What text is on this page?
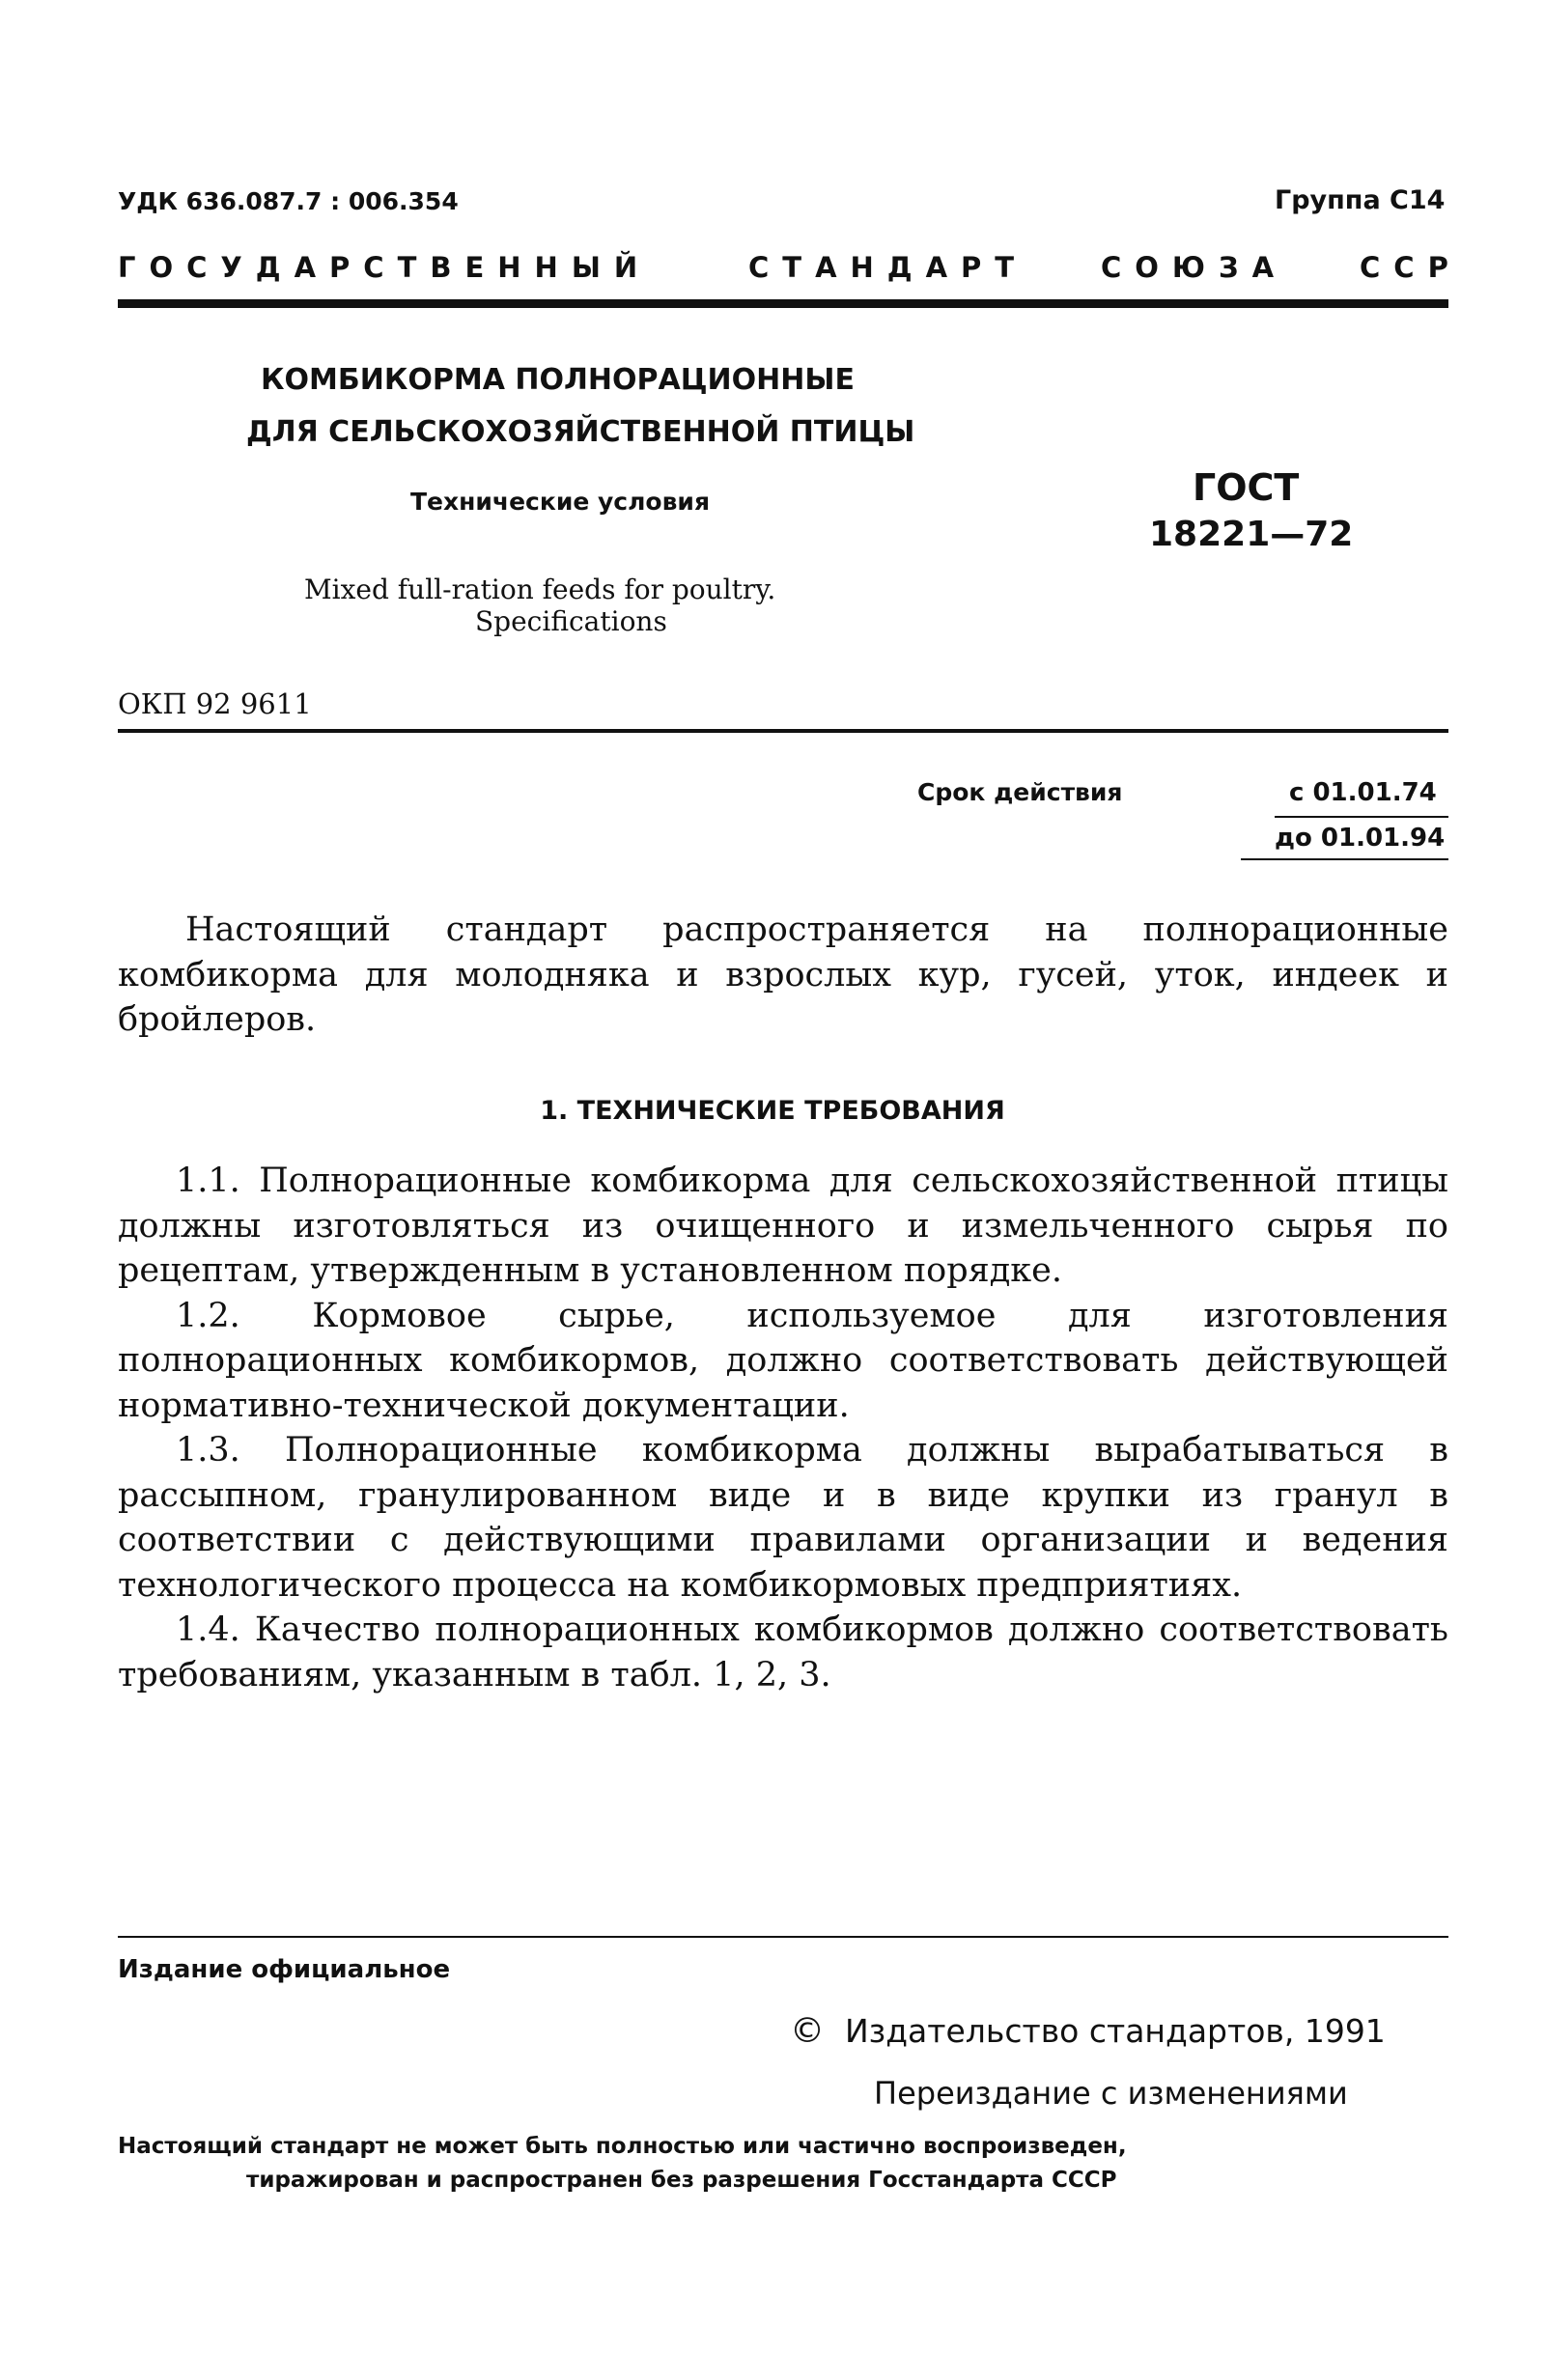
УДК 636.087.7 : 006.354	Группа С14
ГОСУДАРСТВЕННЫЙ	СТАНДАРТ	СОЮЗА	ССР
КОМБИКОРМА ПОЛНОРАЦИОННЫЕ
ДЛЯ СЕЛЬСКОХОЗЯЙСТВЕННОЙ ПТИЦЫ
Технические условия
Mixed full-ration feeds for poultry.
Specifications
ГОСТ
18221—72
ОКП 92 9611
Срок действия	с 01.01.74
до 01.01.94

Настоящий стандарт распространяется на полнорационные комбикорма для молодняка и взрослых кур, гусей, уток, индеек и бройлеров.

1. ТЕХНИЧЕСКИЕ ТРЕБОВАНИЯ

1.1. Полнорационные комбикорма для сельскохозяйственной птицы должны изготовляться из очищенного и измельченного сырья по рецептам, утвержденным в установленном порядке.

1.2. Кормовое сырье, используемое для изготовления полнорационных комбикормов, должно соответствовать действующей нормативно-технической документации.

1.3. Полнорационные комбикорма должны вырабатываться в рассыпном, гранулированном виде и в виде крупки из гранул в соответствии с действующими правилами организации и ведения технологического процесса на комбикормовых предприятиях.

1.4. Качество полнорационных комбикормов должно соответствовать требованиям, указанным в табл. 1, 2, 3.

Издание официальное
© Издательство стандартов, 1991
Переиздание с изменениями
Настоящий стандарт не может быть полностью или частично воспроизведен,
тиражирован и распространен без разрешения Госстандарта СССР
